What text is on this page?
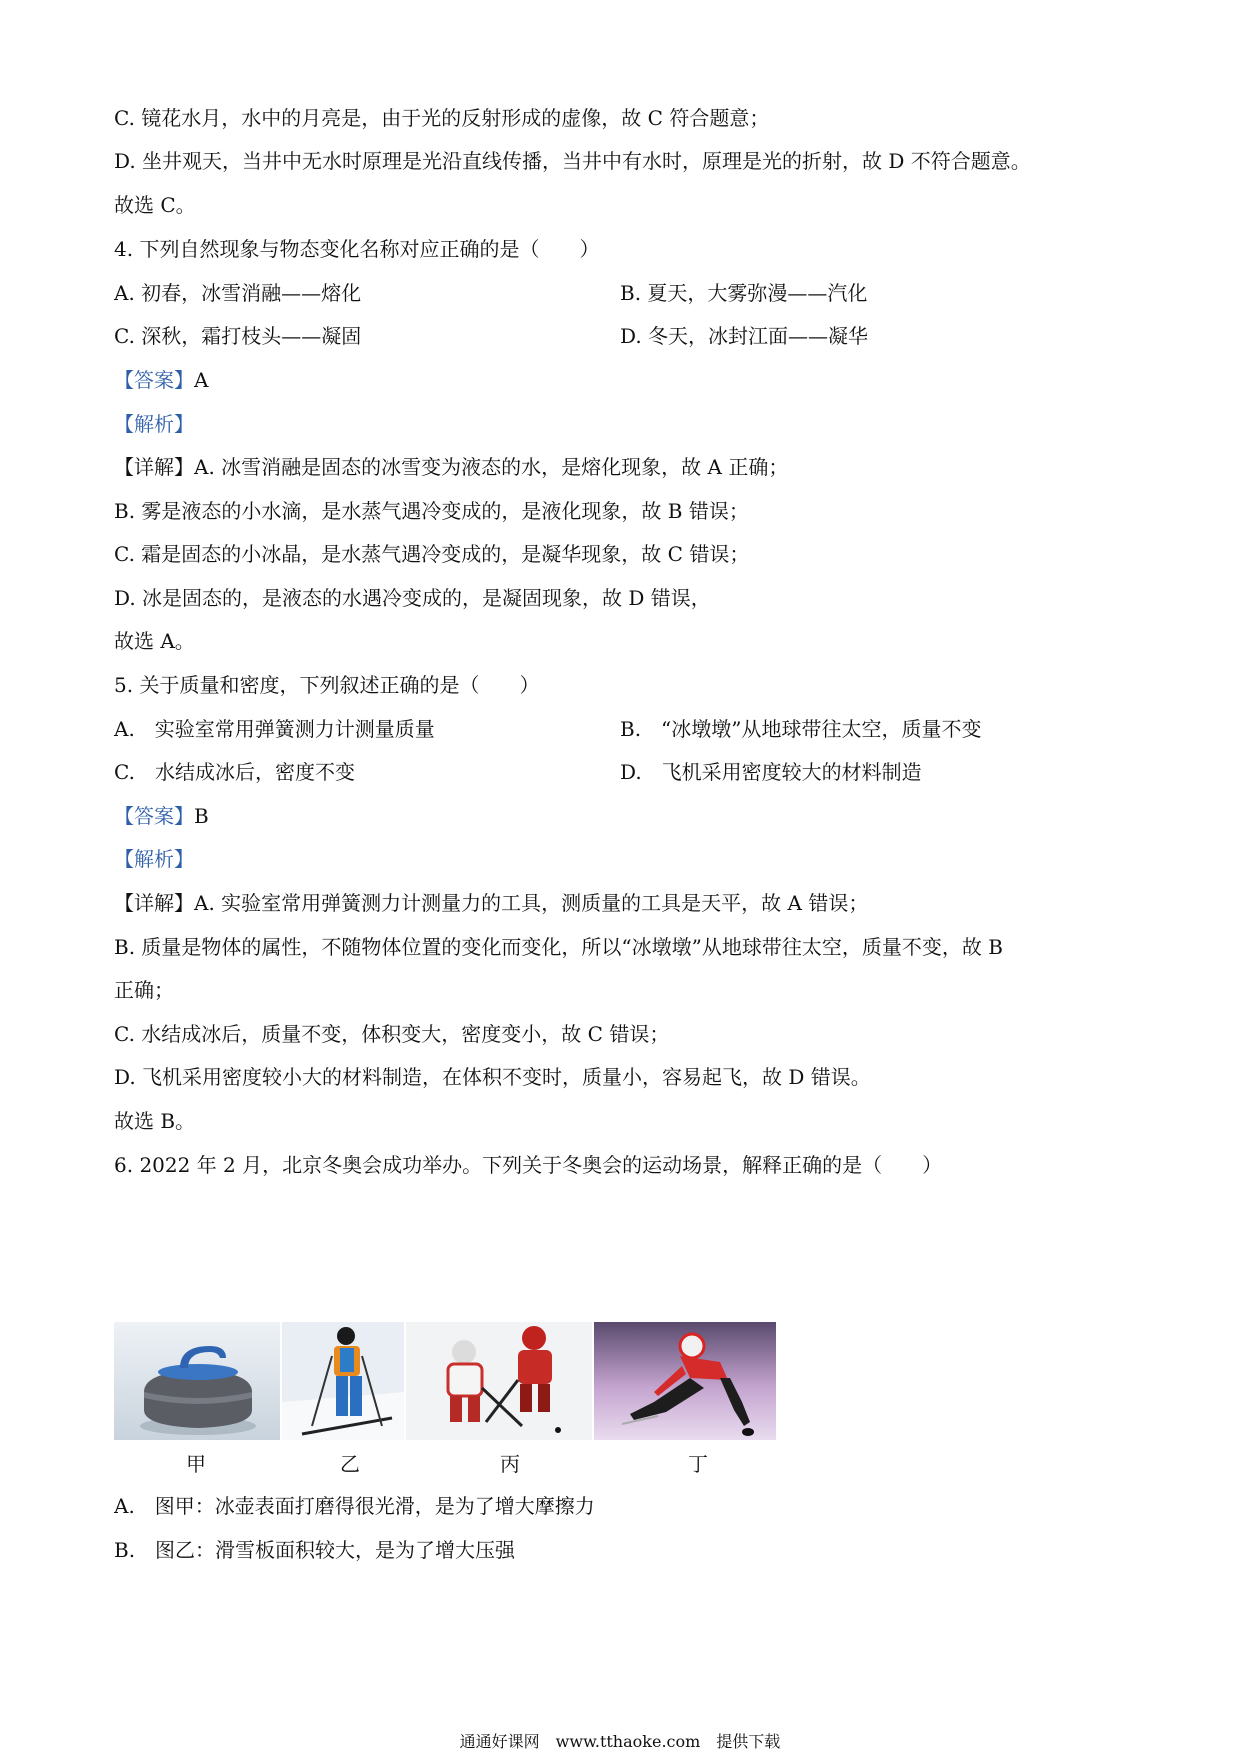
C. 镜花水月，水中的月亮是，由于光的反射形成的虚像，故 C 符合题意；
D. 坐井观天，当井中无水时原理是光沿直线传播，当井中有水时，原理是光的折射，故 D 不符合题意。
故选 C。
4. 下列自然现象与物态变化名称对应正确的是（　　）
A. 初春，冰雪消融——熔化	B. 夏天，大雾弥漫——汽化
C. 深秋，霜打枝头——凝固	D. 冬天，冰封江面——凝华
【答案】A
【解析】
【详解】A. 冰雪消融是固态的冰雪变为液态的水，是熔化现象，故 A 正确；
B. 雾是液态的小水滴，是水蒸气遇冷变成的，是液化现象，故 B 错误；
C. 霜是固态的小冰晶，是水蒸气遇冷变成的，是凝华现象，故 C 错误；
D. 冰是固态的，是液态的水遇冷变成的，是凝固现象，故 D 错误，
故选 A。
5. 关于质量和密度，下列叙述正确的是（　　）
A.　实验室常用弹簧测力计测量质量	B.　“冰墩墩”从地球带往太空，质量不变
C.　水结成冰后，密度不变	D.　飞机采用密度较大的材料制造
【答案】B
【解析】
【详解】A. 实验室常用弹簧测力计测量力的工具，测质量的工具是天平，故 A 错误；
B. 质量是物体的属性，不随物体位置的变化而变化，所以“冰墩墩”从地球带往太空，质量不变，故 B
正确；
C. 水结成冰后，质量不变，体积变大，密度变小，故 C 错误；
D. 飞机采用密度较小大的材料制造，在体积不变时，质量小，容易起飞，故 D 错误。
故选 B。
6. 2022 年 2 月，北京冬奥会成功举办。下列关于冬奥会的运动场景，解释正确的是（　　）
甲	乙	丙	丁
A.　图甲：冰壶表面打磨得很光滑，是为了增大摩擦力
B.　图乙：滑雪板面积较大，是为了增大压强
通通好课网　www.tthaoke.com　提供下载
